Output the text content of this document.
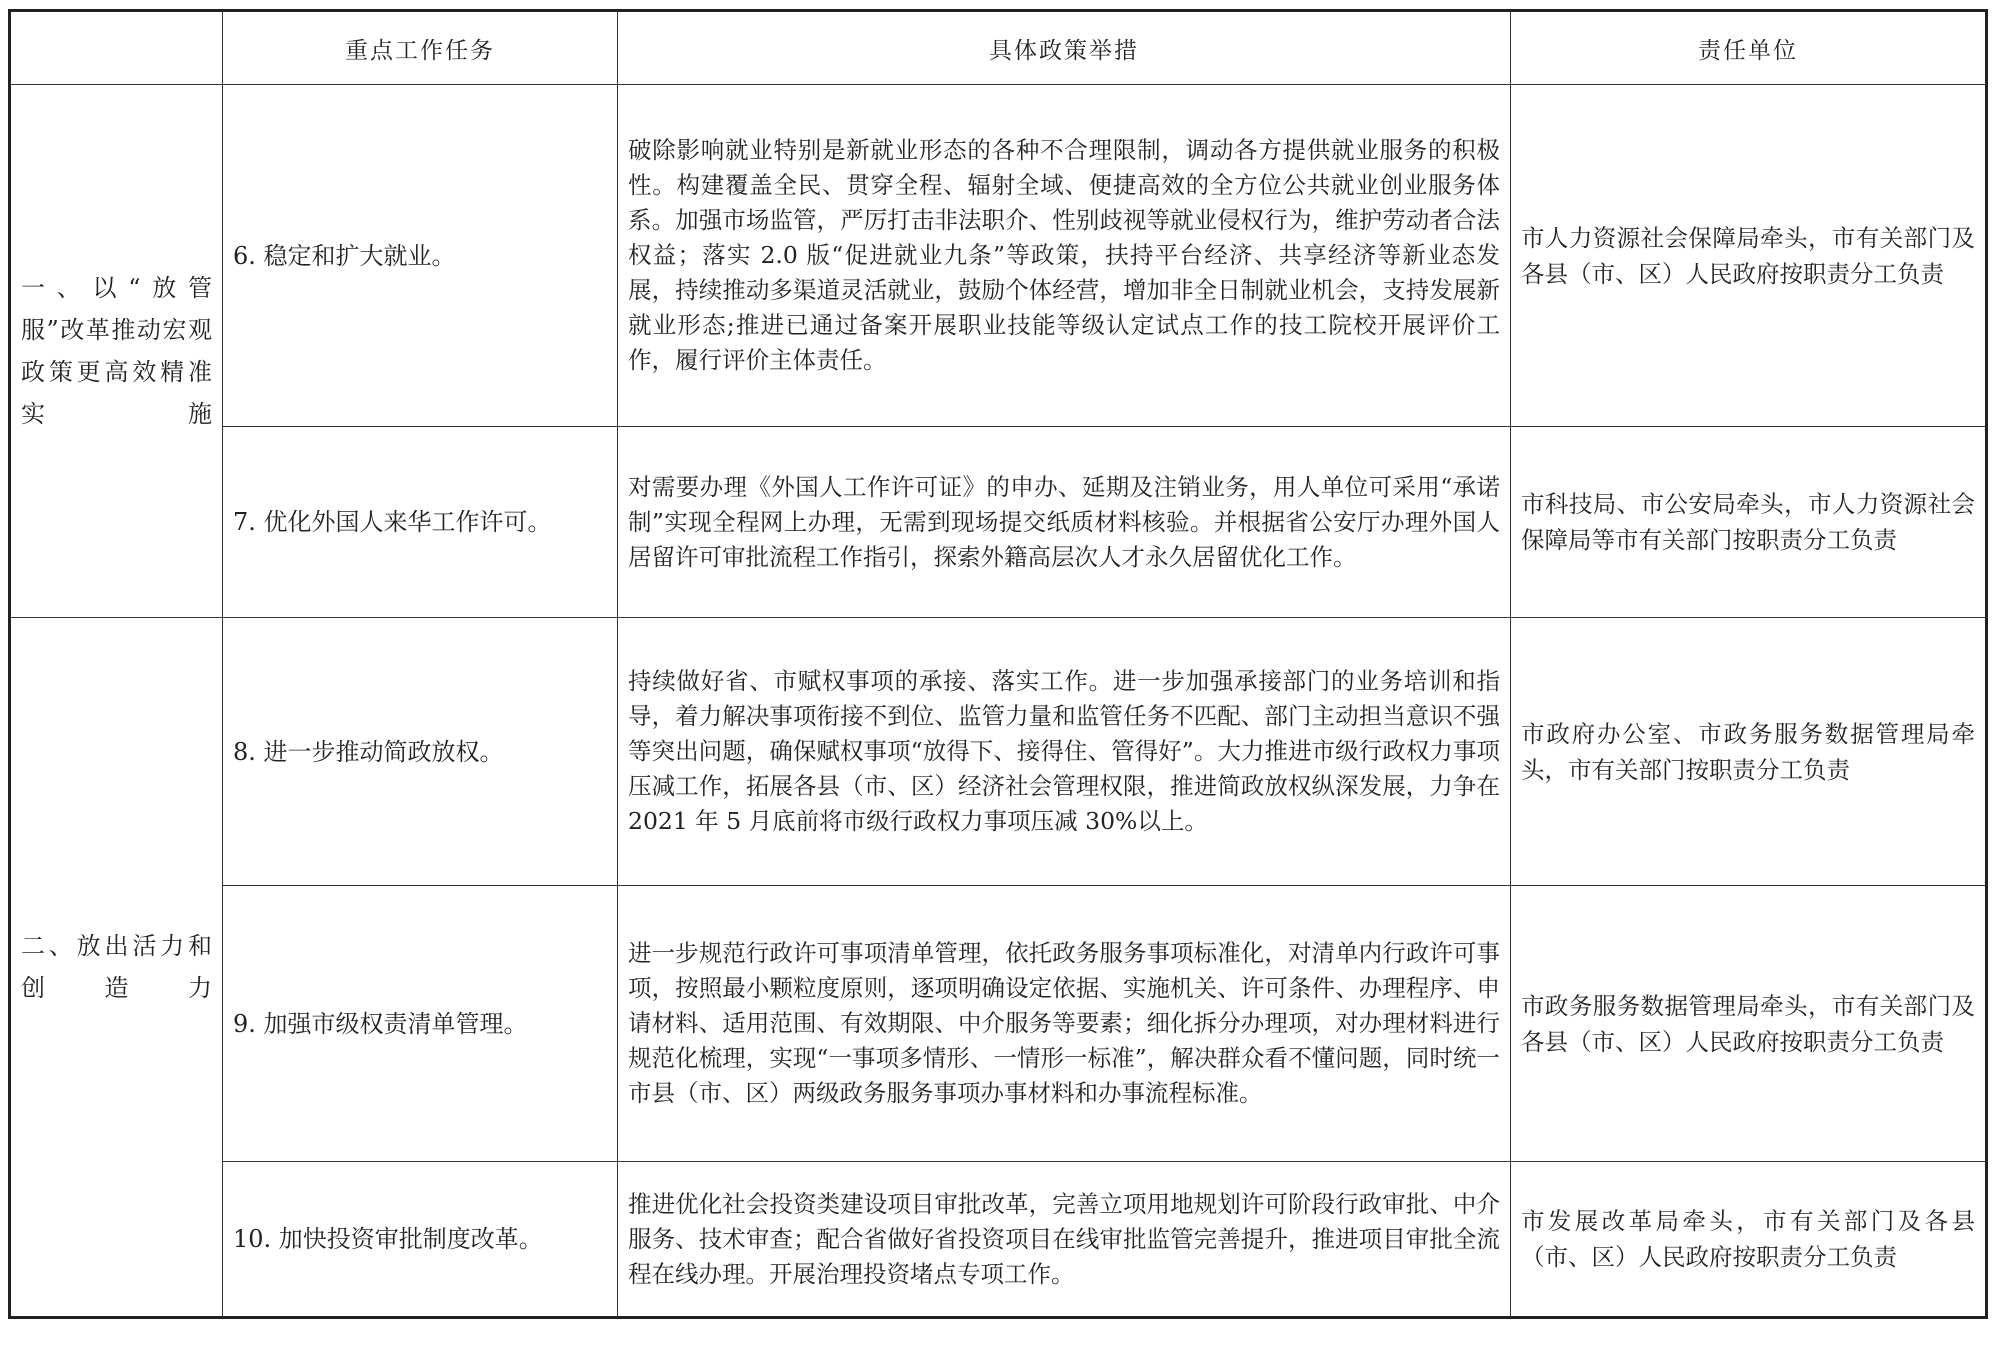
	重点工作任务	具体政策举措	责任单位
一、以“放管服”改革推动宏观政策更高效精准实施	6. 稳定和扩大就业。	破除影响就业特别是新就业形态的各种不合理限制，调动各方提供就业服务的积极性。构建覆盖全民、贯穿全程、辐射全域、便捷高效的全方位公共就业创业服务体系。加强市场监管，严厉打击非法职介、性别歧视等就业侵权行为，维护劳动者合法权益；落实 2.0 版“促进就业九条”等政策，扶持平台经济、共享经济等新业态发展，持续推动多渠道灵活就业，鼓励个体经营，增加非全日制就业机会，支持发展新就业形态;推进已通过备案开展职业技能等级认定试点工作的技工院校开展评价工作，履行评价主体责任。	市人力资源社会保障局牵头，市有关部门及各县（市、区）人民政府按职责分工负责
	7. 优化外国人来华工作许可。	对需要办理《外国人工作许可证》的申办、延期及注销业务，用人单位可采用“承诺制”实现全程网上办理，无需到现场提交纸质材料核验。并根据省公安厅办理外国人居留许可审批流程工作指引，探索外籍高层次人才永久居留优化工作。	市科技局、市公安局牵头，市人力资源社会保障局等市有关部门按职责分工负责
二、放出活力和创造力	8. 进一步推动简政放权。	持续做好省、市赋权事项的承接、落实工作。进一步加强承接部门的业务培训和指导，着力解决事项衔接不到位、监管力量和监管任务不匹配、部门主动担当意识不强等突出问题，确保赋权事项“放得下、接得住、管得好”。大力推进市级行政权力事项压减工作，拓展各县（市、区）经济社会管理权限，推进简政放权纵深发展，力争在 2021 年 5 月底前将市级行政权力事项压减 30%以上。	市政府办公室、市政务服务数据管理局牵头，市有关部门按职责分工负责
	9. 加强市级权责清单管理。	进一步规范行政许可事项清单管理，依托政务服务事项标准化，对清单内行政许可事项，按照最小颗粒度原则，逐项明确设定依据、实施机关、许可条件、办理程序、申请材料、适用范围、有效期限、中介服务等要素；细化拆分办理项，对办理材料进行规范化梳理，实现“一事项多情形、一情形一标准”，解决群众看不懂问题，同时统一市县（市、区）两级政务服务事项办事材料和办事流程标准。	市政务服务数据管理局牵头，市有关部门及各县（市、区）人民政府按职责分工负责
	10. 加快投资审批制度改革。	推进优化社会投资类建设项目审批改革，完善立项用地规划许可阶段行政审批、中介服务、技术审查；配合省做好省投资项目在线审批监管完善提升，推进项目审批全流程在线办理。开展治理投资堵点专项工作。	市发展改革局牵头，市有关部门及各县（市、区）人民政府按职责分工负责
